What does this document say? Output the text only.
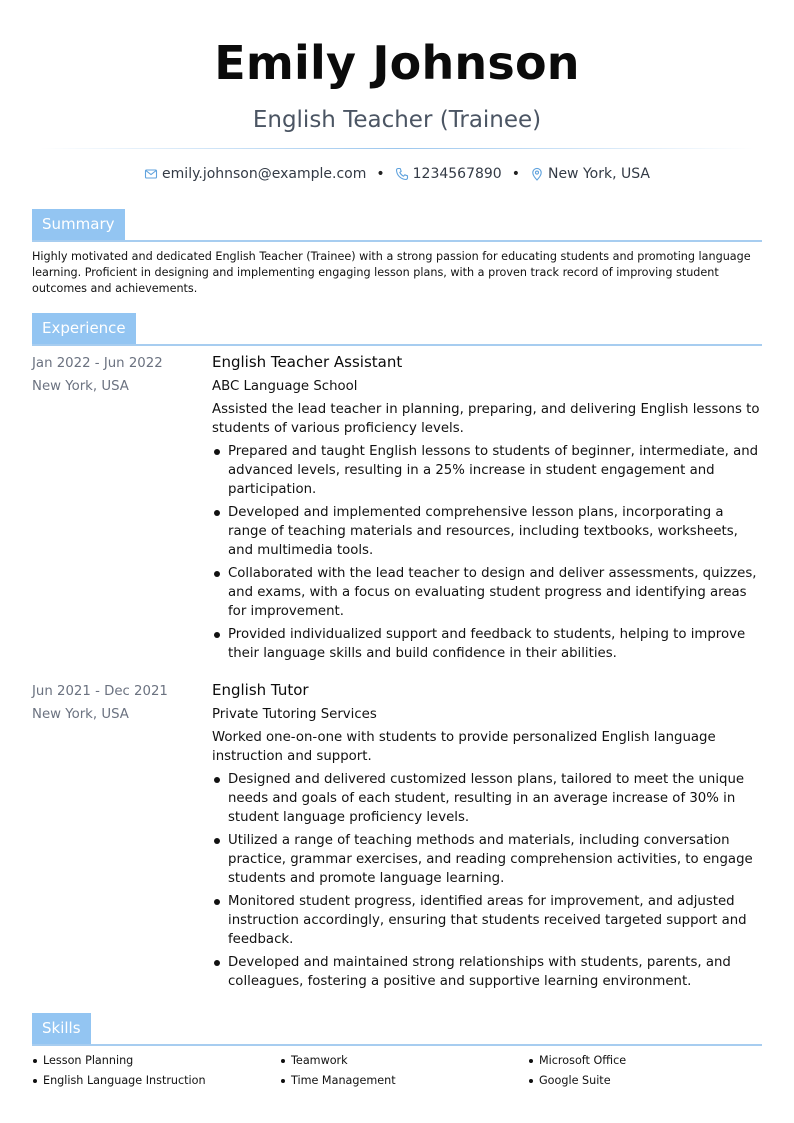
Emily Johnson
English Teacher (Trainee)
emily.johnson@example.com • 1234567890 • New York, USA
Summary
Highly motivated and dedicated English Teacher (Trainee) with a strong passion for educating students and promoting language learning. Proficient in designing and implementing engaging lesson plans, with a proven track record of improving student outcomes and achievements.
Experience
Jan 2022 - Jun 2022
New York, USA
English Teacher Assistant
ABC Language School
Assisted the lead teacher in planning, preparing, and delivering English lessons to students of various proficiency levels.
Prepared and taught English lessons to students of beginner, intermediate, and advanced levels, resulting in a 25% increase in student engagement and participation.
Developed and implemented comprehensive lesson plans, incorporating a range of teaching materials and resources, including textbooks, worksheets, and multimedia tools.
Collaborated with the lead teacher to design and deliver assessments, quizzes, and exams, with a focus on evaluating student progress and identifying areas for improvement.
Provided individualized support and feedback to students, helping to improve their language skills and build confidence in their abilities.
Jun 2021 - Dec 2021
New York, USA
English Tutor
Private Tutoring Services
Worked one-on-one with students to provide personalized English language instruction and support.
Designed and delivered customized lesson plans, tailored to meet the unique needs and goals of each student, resulting in an average increase of 30% in student language proficiency levels.
Utilized a range of teaching methods and materials, including conversation practice, grammar exercises, and reading comprehension activities, to engage students and promote language learning.
Monitored student progress, identified areas for improvement, and adjusted instruction accordingly, ensuring that students received targeted support and feedback.
Developed and maintained strong relationships with students, parents, and colleagues, fostering a positive and supportive learning environment.
Skills
Lesson Planning	Teamwork	Microsoft Office
English Language Instruction	Time Management	Google Suite
